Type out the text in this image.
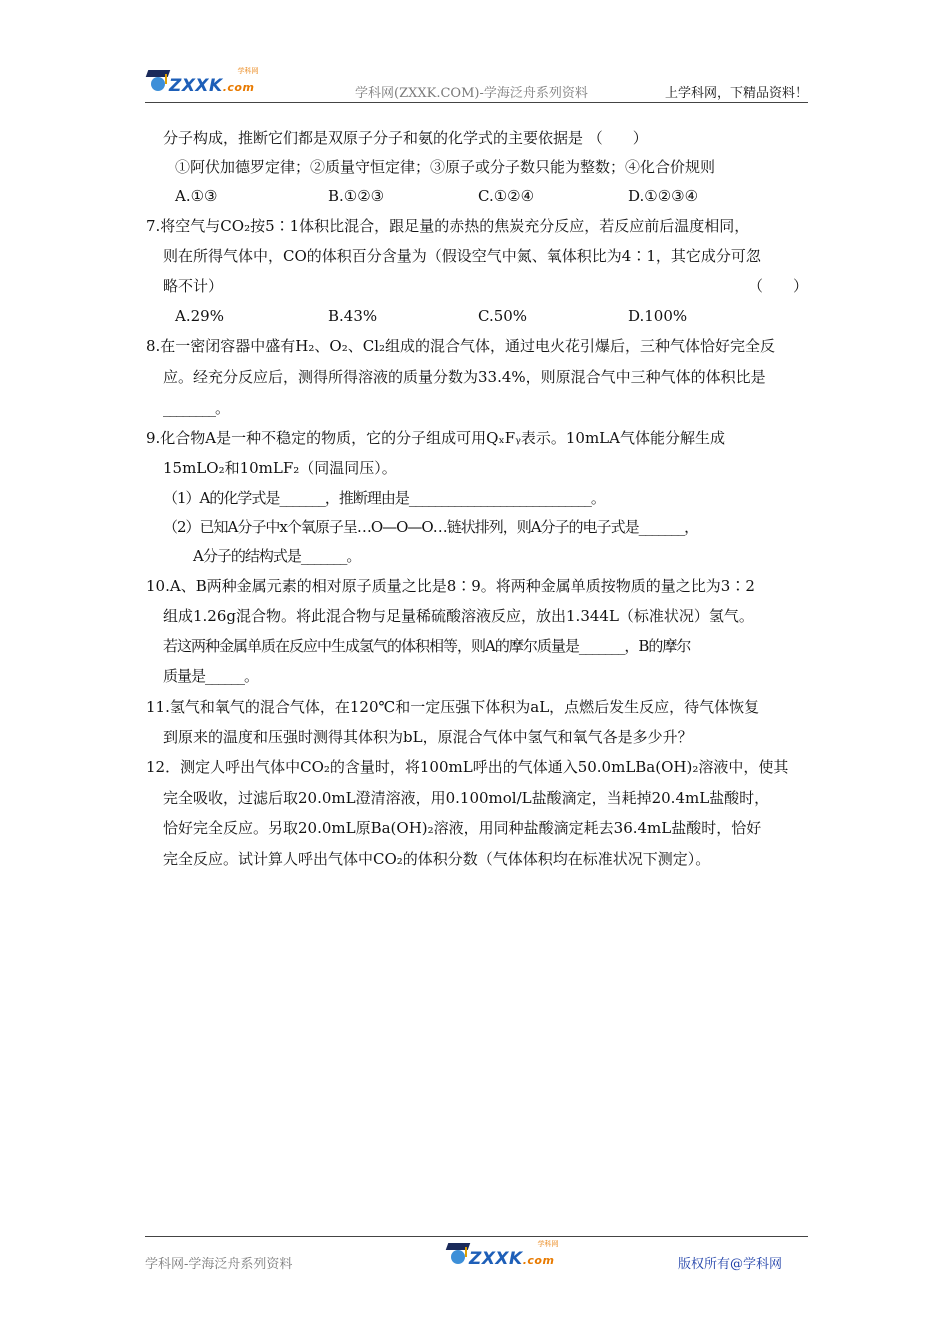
ZXXK.com
学科网
学科网(ZXXK.COM)-学海泛舟系列资料	上学科网，下精品资料！
分子构成，推断它们都是双原子分子和氨的化学式的主要依据是 （　　）
①阿伏加德罗定律；②质量守恒定律；③原子或分子数只能为整数；④化合价规则
A.①③	B.①②③	C.①②④	D.①②③④
7.将空气与CO₂按5∶1体积比混合，跟足量的赤热的焦炭充分反应，若反应前后温度相同，
则在所得气体中，CO的体积百分含量为（假设空气中氮、氧体积比为4∶1，其它成分可忽
略不计）	（　　）
A.29%	B.43%	C.50%	D.100%
8.在一密闭容器中盛有H₂、O₂、Cl₂组成的混合气体，通过电火花引爆后，三种气体恰好完全反
应。经充分反应后，测得所得溶液的质量分数为33.4%，则原混合气中三种气体的体积比是
________。
9.化合物A是一种不稳定的物质，它的分子组成可用QₓFᵧ表示。10mLA气体能分解生成
15mLO₂和10mLF₂（同温同压）。
（1）A的化学式是_______，推断理由是____________________________。
（2）已知A分子中x个氧原子呈…O—O—O…链状排列，则A分子的电子式是_______，
A分子的结构式是_______。
10.A、B两种金属元素的相对原子质量之比是8∶9。将两种金属单质按物质的量之比为3∶2
组成1.26g混合物。将此混合物与足量稀硫酸溶液反应，放出1.344L（标准状况）氢气。
若这两种金属单质在反应中生成氢气的体积相等，则A的摩尔质量是_______，B的摩尔
质量是______。
11.氢气和氧气的混合气体，在120℃和一定压强下体积为aL，点燃后发生反应，待气体恢复
到原来的温度和压强时测得其体积为bL，原混合气体中氢气和氧气各是多少升？
12．测定人呼出气体中CO₂的含量时，将100mL呼出的气体通入50.0mLBa(OH)₂溶液中，使其
完全吸收，过滤后取20.0mL澄清溶液，用0.100mol/L盐酸滴定，当耗掉20.4mL盐酸时，
恰好完全反应。另取20.0mL原Ba(OH)₂溶液，用同种盐酸滴定耗去36.4mL盐酸时，恰好
完全反应。试计算人呼出气体中CO₂的体积分数（气体体积均在标准状况下测定）。
学科网-学海泛舟系列资料	ZXXK.com
学科网
版权所有@学科网
